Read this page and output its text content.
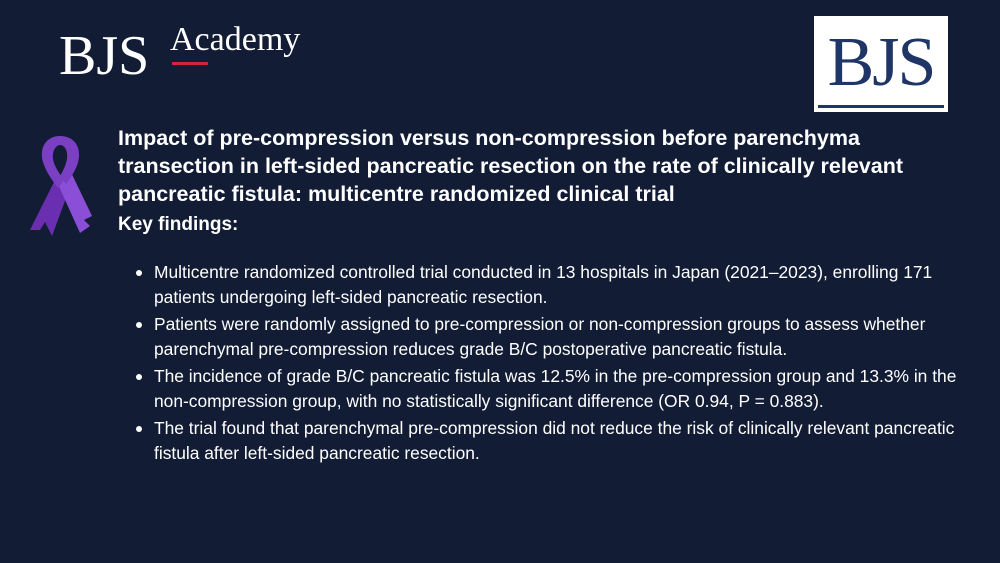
BJS Academy	BJS
Impact of pre-compression versus non-compression before parenchyma transection in left-sided pancreatic resection on the rate of clinically relevant pancreatic fistula: multicentre randomized clinical trial
Key findings:
Multicentre randomized controlled trial conducted in 13 hospitals in Japan (2021–2023), enrolling 171 patients undergoing left-sided pancreatic resection.
Patients were randomly assigned to pre-compression or non-compression groups to assess whether parenchymal pre-compression reduces grade B/C postoperative pancreatic fistula.
The incidence of grade B/C pancreatic fistula was 12.5% in the pre-compression group and 13.3% in the non-compression group, with no statistically significant difference (OR 0.94, P = 0.883).
The trial found that parenchymal pre-compression did not reduce the risk of clinically relevant pancreatic fistula after left-sided pancreatic resection.
